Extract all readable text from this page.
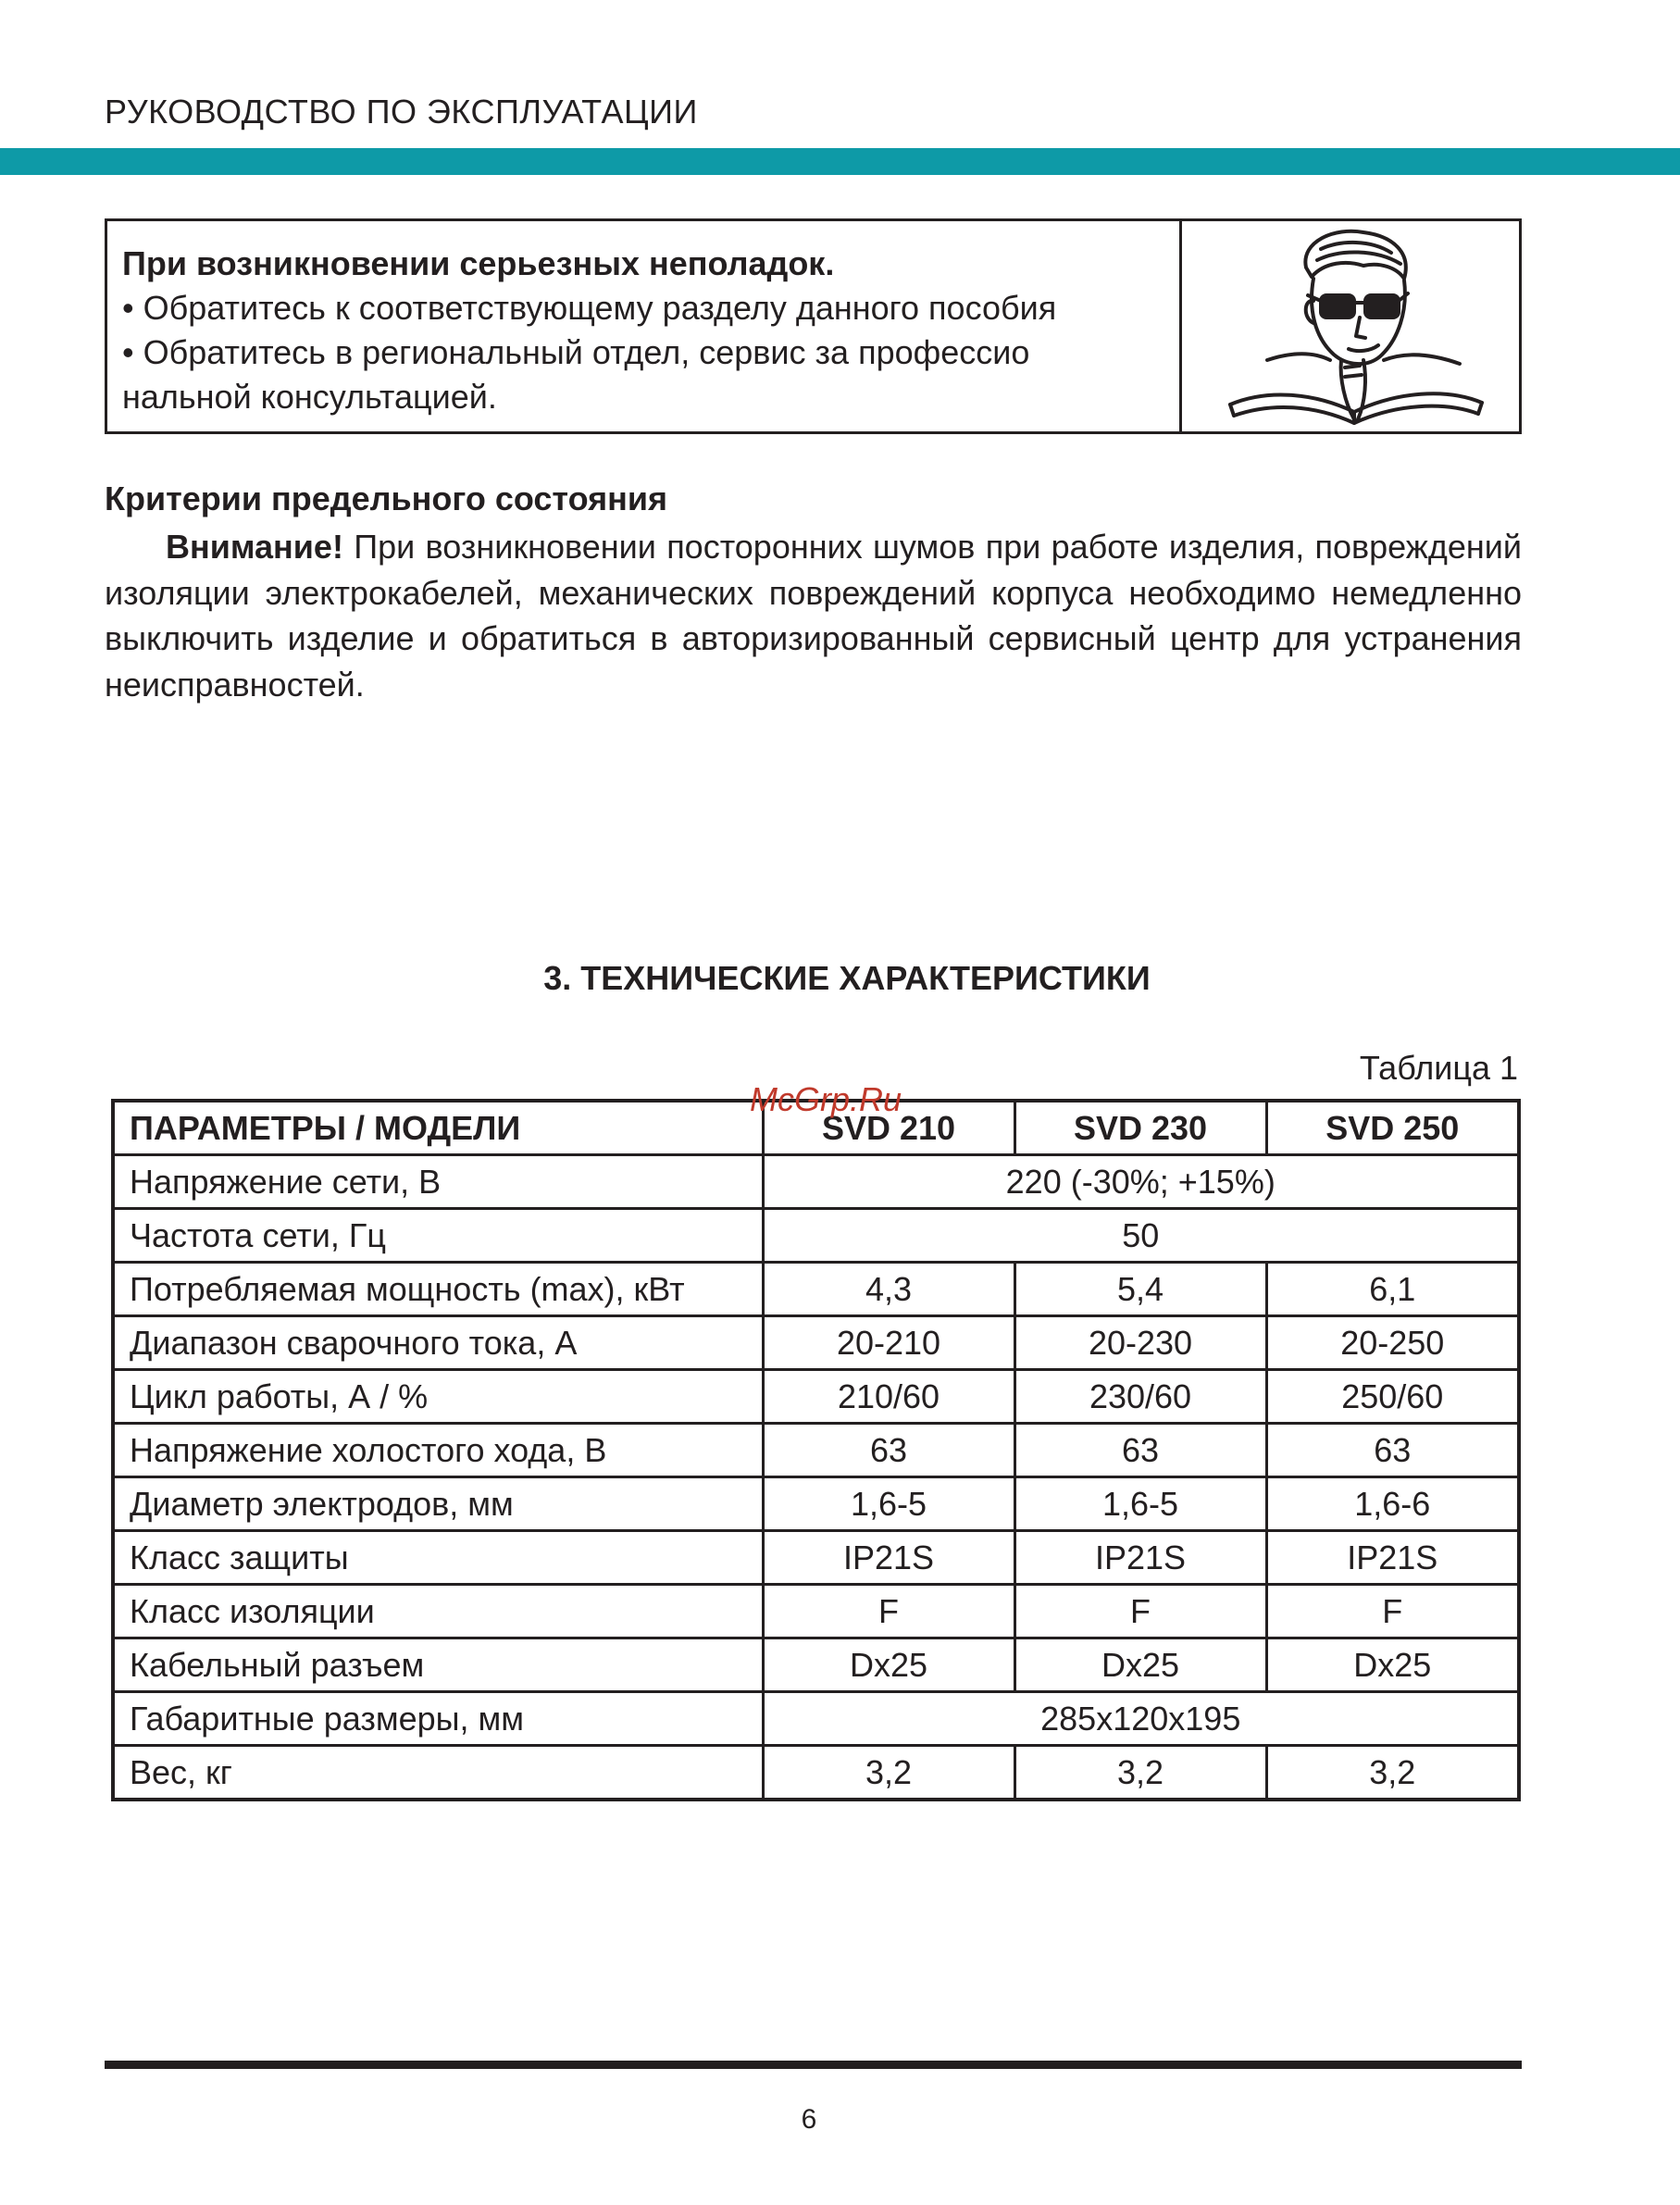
РУКОВОДСТВО ПО ЭКСПЛУАТАЦИИ
При возникновении серьезных неполадок.
• Обратитесь к соответствующему разделу данного пособия
• Обратитесь в региональный отдел, сервис за профессио
нальной консультацией.
Критерии предельного состояния
Внимание! При возникновении посторонних шумов при работе изделия, повреждений изоляции электрокабелей, механических повреждений корпуса необходимо немедленно выключить изделие и обратиться в авторизированный сервисный центр для устранения неисправностей.
3. ТЕХНИЧЕСКИЕ ХАРАКТЕРИСТИКИ
Таблица 1
ПАРАМЕТРЫ / МОДЕЛИ	SVD 210	SVD 230	SVD 250
Напряжение сети, В	220 (-30%; +15%)		
Частота сети, Гц	50		
Потребляемая мощность (max), кВт	4,3	5,4	6,1
Диапазон сварочного тока, А	20-210	20-230	20-250
Цикл работы, А / %	210/60	230/60	250/60
Напряжение холостого хода, В	63	63	63
Диаметр электродов, мм	1,6-5	1,6-5	1,6-6
Класс защиты	IP21S	IP21S	IP21S
Класс изоляции	F	F	F
Кабельный разъем	Dx25	Dx25	Dx25
Габаритные размеры, мм	285x120x195		
Вес, кг	3,2	3,2	3,2
McGrp.Ru
6
